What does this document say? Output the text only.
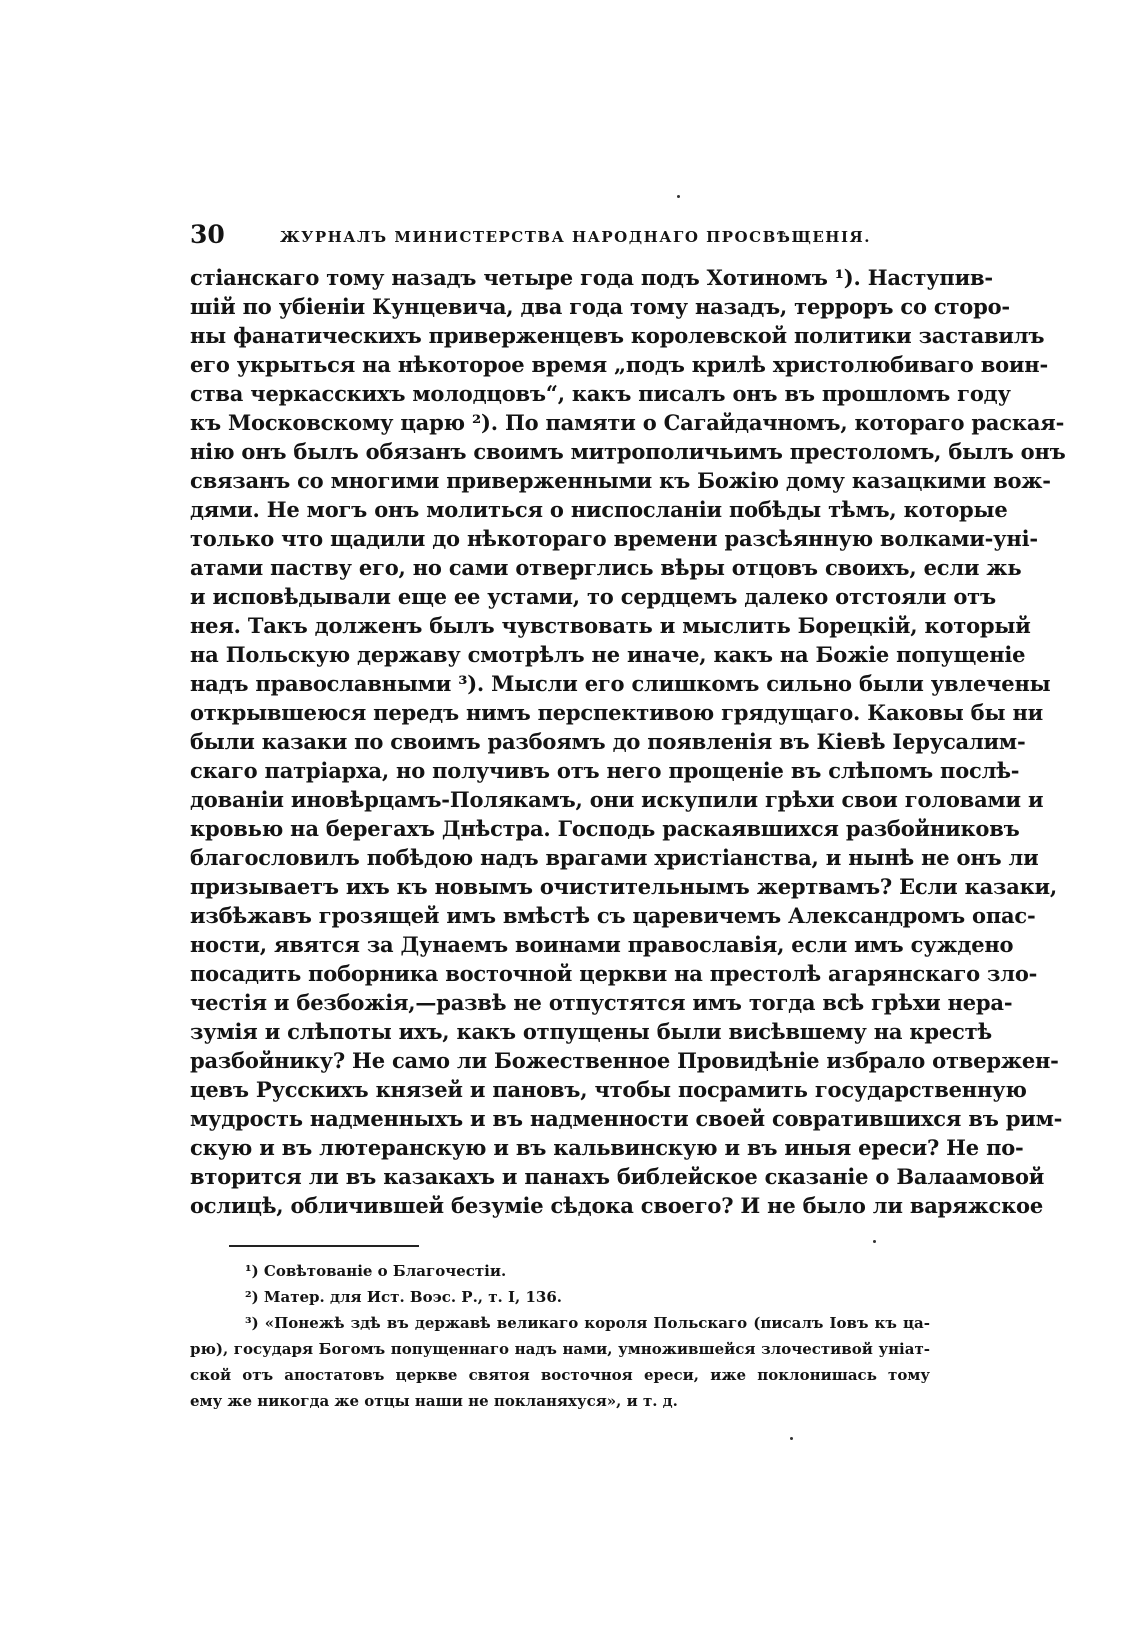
30	ЖУРНАЛЪ МИНИСТЕРСТВА НАРОДНАГО ПРОСВѢЩЕНІЯ.
стіанскаго тому назадъ четыре года подъ Хотиномъ ¹). Наступив-
шій по убіеніи Кунцевича, два года тому назадъ, терроръ со сторо-
ны фанатическихъ приверженцевъ королевской политики заставилъ
его укрыться на нѣкоторое время „подъ крилѣ христолюбиваго воин-
ства черкасскихъ молодцовъ“, какъ писалъ онъ въ прошломъ году
къ Московскому царю ²). По памяти о Сагайдачномъ, котораго раская-
нію онъ былъ обязанъ своимъ митрополичьимъ престоломъ, былъ онъ
связанъ со многими приверженными къ Божію дому казацкими вож-
дями. Не могъ онъ молиться о ниспосланіи побѣды тѣмъ, которые
только что щадили до нѣкотораго времени разсѣянную волками-уні-
атами паству его, но сами отверглись вѣры отцовъ своихъ, если жь
и исповѣдывали еще ее устами, то сердцемъ далеко отстояли отъ
нея. Такъ долженъ былъ чувствовать и мыслить Борецкій, который
на Польскую державу смотрѣлъ не иначе, какъ на Божіе попущеніе
надъ православными ³). Мысли его слишкомъ сильно были увлечены
открывшеюся передъ нимъ перспективою грядущаго. Каковы бы ни
были казаки по своимъ разбоямъ до появленія въ Кіевѣ Іерусалим-
скаго патріарха, но получивъ отъ него прощеніе въ слѣпомъ послѣ-
дованіи иновѣрцамъ-Полякамъ, они искупили грѣхи свои головами и
кровью на берегахъ Днѣстра. Господь раскаявшихся разбойниковъ
благословилъ побѣдою надъ врагами христіанства, и нынѣ не онъ ли
призываетъ ихъ къ новымъ очистительнымъ жертвамъ? Если казаки,
избѣжавъ грозящей имъ вмѣстѣ съ царевичемъ Александромъ опас-
ности, явятся за Дунаемъ воинами православія, если имъ суждено
посадить поборника восточной церкви на престолѣ агарянскаго зло-
честія и безбожія,—развѣ не отпустятся имъ тогда всѣ грѣхи нера-
зумія и слѣпоты ихъ, какъ отпущены были висѣвшему на крестѣ
разбойнику? Не само ли Божественное Провидѣніе избрало отвержен-
цевъ Русскихъ князей и пановъ, чтобы посрамить государственную
мудрость надменныхъ и въ надменности своей совратившихся въ рим-
скую и въ лютеранскую и въ кальвинскую и въ иныя ереси? Не по-
вторится ли въ казакахъ и панахъ библейское сказаніе о Валаамовой
ослицѣ, обличившей безуміе сѣдока своего? И не было ли варяжское
¹) Совѣтованіе о Благочестіи.
²) Матер. для Ист. Воэс. Р., т. I, 136.
³) «Понежѣ здѣ въ державѣ великаго короля Польскаго (писалъ Іовъ къ ца-
рю), государя Богомъ попущеннаго надъ нами, умножившейся злочестивой уніат-
ской отъ апостатовъ церкве святоя восточноя ереси, иже поклонишась тому
ему же никогда же отцы наши не покланяхуся», и т. д.
